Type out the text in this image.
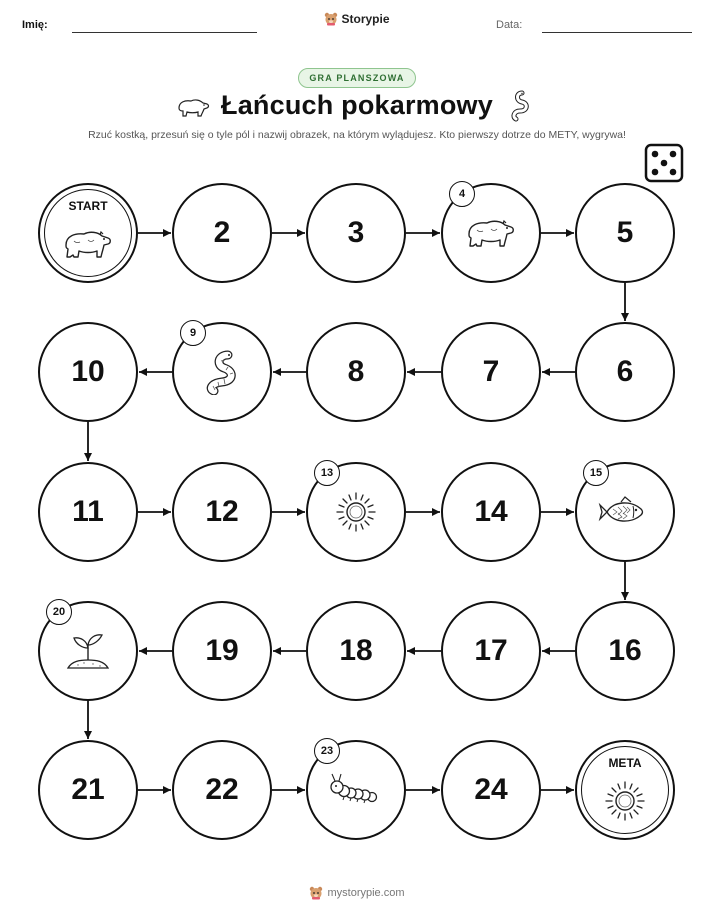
Imię:	Data:
Storypie
GRA PLANSZOWA
Łańcuch pokarmowy
Rzuć kostką, przesuń się o tyle pól i nazwij obrazek, na którym wylądujesz. Kto pierwszy dotrze do METY, wygrywa!
START
2	3
4
5
6
7
8
9
10
11	12
13
14
15
16
17
18
19
20
21	22
23
24
META
mystorypie.com
